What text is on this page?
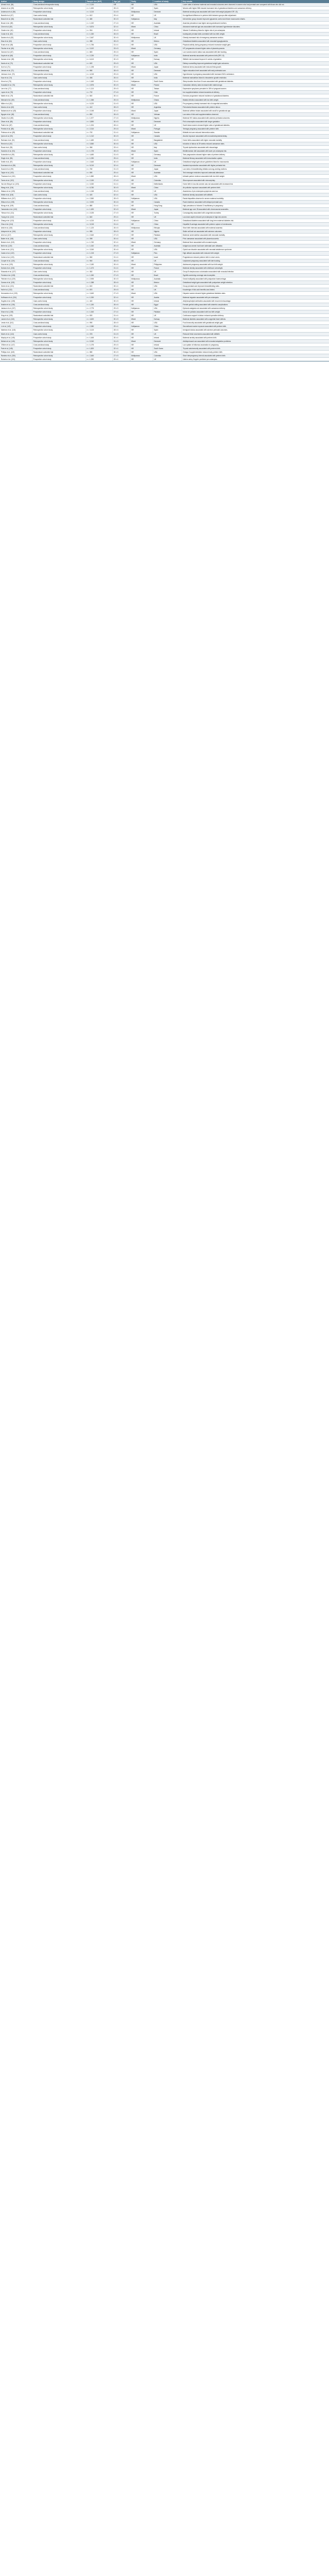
Author	Study design	Sample size (M:F)	Age (yr)	Parity	Location of study	Key results
Ahmed et al. (54)	Cross-sectional retrospective study	n = 2,134	NR	NR	USA	Lower rates of adverse maternal and neonatal outcomes were observed in women who had prenatal care compared with those who did not.
Alvarez et al. (55)	Retrospective cohort study	n = 1,450	28 ± 6	NR	Spain	Women with higher BMI showed increased risk of gestational diabetes and caesarean delivery.
Anderson et al. (56)	Prospective cohort study	n = 3,210	31 ± 5	Multiparous	Denmark	Maternal smoking was associated with lower birth weight (adjusted OR 1.8).
Barrett et al. (57)	Case-control study	n = 612	29 ± 4	NR	UK	No significant difference in preterm birth between groups after adjustment.
Bianchi et al. (58)	Randomised controlled trial	n = 480	30 ± 5	Nulliparous	Italy	Intervention group showed improved glycaemic control and fewer macrosomic infants.
Brown et al. (59)	Cross-sectional study	n = 1,022	27 ± 6	NR	Australia	Anaemia prevalence was higher among adolescent mothers.
Chen et al. (60)	Retrospective cohort study	n = 5,874	32 ± 4	Mixed	China	Advanced maternal age was associated with increased hypertensive disorders.
Clarke et al. (61)	Prospective cohort study	n = 904	29 ± 5	NR	Ireland	Vitamin D deficiency linked to higher risk of pre-eclampsia.
Costa et al. (62)	Cross-sectional study	n = 1,330	26 ± 5	NR	Brazil	Inadequate prenatal visits correlated with low birth weight.
Davies et al. (63)	Retrospective cohort study	n = 2,467	30 ± 6	Multiparous	UK	Obesity increased risk of emergency caesarean section.
Diaz et al. (64)	Case-control study	n = 388	28 ± 5	NR	Mexico	Gestational diabetes associated with neonatal hypoglycaemia.
Evans et al. (65)	Prospective cohort study	n = 1,756	31 ± 4	NR	USA	Physical activity during pregnancy reduced excessive weight gain.
Fischer et al. (66)	Retrospective cohort study	n = 3,102	33 ± 5	Mixed	Germany	IVF pregnancies showed higher rates of placenta praevia.
Garcia et al. (67)	Cross-sectional study	n = 845	25 ± 6	NR	Spain	Low socioeconomic status was associated with late booking.
Gupta et al. (68)	Prospective cohort study	n = 2,230	27 ± 4	Nulliparous	India	Maternal anaemia associated with preterm birth (RR 1.5).
Hansen et al. (69)	Retrospective cohort study	n = 6,410	30 ± 5	NR	Norway	Stillbirth risk increased beyond 41 weeks of gestation.
Harris et al. (70)	Randomised controlled trial	n = 620	29 ± 5	NR	USA	Dietary counselling improved gestational weight gain outcomes.
Ito et al. (71)	Prospective cohort study	n = 1,198	32 ± 4	Mixed	Japan	Maternal stress associated with reduced fetal growth.
Jensen et al. (72)	Cross-sectional study	n = 980	28 ± 5	NR	Denmark	Higher education level associated with early antenatal care.
Johnson et al. (73)	Retrospective cohort study	n = 4,015	29 ± 6	NR	USA	Hypertension in pregnancy associated with increased NICU admission.
Kaur et al. (74)	Case-control study	n = 456	26 ± 4	NR	India	Maternal malnutrition linked to intrauterine growth restriction.
Kim et al. (75)	Prospective cohort study	n = 1,640	31 ± 4	Nulliparous	South Korea	Sleep duration less than 6 hours associated with gestational diabetes.
Kowalski et al. (76)	Retrospective cohort study	n = 2,876	30 ± 5	Mixed	Poland	Caesarean delivery rates increased with maternal age.
Lee et al. (77)	Cross-sectional study	n = 1,110	29 ± 5	NR	Taiwan	Depressive symptoms prevalent in 18% of pregnant women.
Lopez et al. (78)	Prospective cohort study	n = 732	27 ± 6	NR	Chile	Iron supplementation reduced anaemia at delivery.
Martin et al. (79)	Randomised controlled trial	n = 540	30 ± 4	NR	France	Exercise programme reduced incidence of gestational diabetes.
Mensah et al. (80)	Cross-sectional study	n = 1,366	25 ± 6	Multiparous	Ghana	Malaria infection associated with low birth weight.
Miller et al. (81)	Retrospective cohort study	n = 5,220	31 ± 5	NR	USA	Pre-pregnancy obesity increased risk of congenital anomalies.
Moreno et al. (82)	Case-control study	n = 412	28 ± 5	NR	Argentina	Periodontal disease associated with preterm labour.
Nakamura et al. (83)	Prospective cohort study	n = 2,045	32 ± 4	Mixed	Japan	Maternal caffeine intake associated with small for gestational age.
Nguyen et al. (84)	Cross-sectional study	n = 890	26 ± 5	NR	Vietnam	Low rates of folic acid supplementation observed.
Okafor et al. (85)	Retrospective cohort study	n = 1,577	27 ± 6	Multiparous	Nigeria	Maternal HIV status associated with adverse perinatal outcomes.
Olsen et al. (86)	Prospective cohort study	n = 3,890	30 ± 5	NR	Denmark	Fish consumption associated with longer gestation.
Patel et al. (87)	Cross-sectional study	n = 1,204	28 ± 4	NR	UK	South Asian women showed higher rates of gestational diabetes.
Pereira et al. (88)	Retrospective cohort study	n = 2,310	29 ± 6	Mixed	Portugal	Teenage pregnancy associated with preterm birth.
Peterson et al. (89)	Randomised controlled trial	n = 700	31 ± 4	Nulliparous	Sweden	Midwife-led care reduced intervention rates.
Quinn et al. (90)	Prospective cohort study	n = 1,012	30 ± 5	NR	Canada	Alcohol exposure associated with neurodevelopmental delay.
Rahman et al. (91)	Cross-sectional study	n = 1,480	24 ± 5	NR	Bangladesh	Home births associated with higher neonatal mortality.
Reed et al. (92)	Retrospective cohort study	n = 3,560	30 ± 6	NR	USA	Induction of labour at 39 weeks reduced caesarean rates.
Rossi et al. (93)	Case-control study	n = 366	33 ± 4	NR	Italy	Thyroid dysfunction associated with miscarriage.
Sanchez et al. (94)	Prospective cohort study	n = 1,725	28 ± 5	Mixed	Spain	Mediterranean diet associated with lower pre-eclampsia risk.
Schmidt et al. (95)	Retrospective cohort study	n = 4,480	31 ± 5	NR	Germany	Twin pregnancies showed higher rates of preterm delivery.
Singh et al. (96)	Cross-sectional study	n = 1,090	25 ± 4	NR	India	Maternal literacy associated with immunisation uptake.
Smith et al. (97)	Prospective cohort study	n = 2,640	30 ± 5	Nulliparous	UK	Gestational weight gain above guidelines linked to macrosomia.
Sorensen et al. (98)	Retrospective cohort study	n = 5,010	32 ± 4	NR	Denmark	Assisted reproduction associated with higher perinatal risk.
Suzuki et al. (99)	Cross-sectional study	n = 760	31 ± 5	NR	Japan	Low rates of breastfeeding initiation among working mothers.
Taylor et al. (100)	Randomised controlled trial	n = 590	29 ± 4	NR	Australia	Text message reminders improved antenatal attendance.
Thomas et al. (101)	Prospective cohort study	n = 1,880	28 ± 6	Mixed	USA	Intimate partner violence associated with low birth weight.
Torres et al. (102)	Retrospective cohort study	n = 2,150	27 ± 5	NR	Colombia	Zika exposure associated with microcephaly.
Van der Berg et al. (103)	Prospective cohort study	n = 3,330	31 ± 4	NR	Netherlands	Home birth in low-risk women was not associated with increased risk.
Wang et al. (104)	Retrospective cohort study	n = 6,780	30 ± 5	Mixed	China	Air pollution exposure associated with preterm birth.
Watson et al. (105)	Cross-sectional study	n = 1,045	29 ± 5	NR	UK	Awareness of pre-eclampsia symptoms was low.
White et al. (106)	Case-control study	n = 420	32 ± 4	NR	USA	Maternal obesity associated with stillbirth.
Williams et al. (107)	Prospective cohort study	n = 2,560	28 ± 5	Nulliparous	USA	Racial disparities observed in severe maternal morbidity.
Wilson et al. (108)	Retrospective cohort study	n = 3,920	30 ± 6	NR	Canada	Rural residence associated with delayed prenatal care.
Wong et al. (109)	Cross-sectional study	n = 880	31 ± 4	NR	Hong Kong	High prevalence of vitamin D insufficiency in pregnancy.
Yamamoto et al. (110)	Prospective cohort study	n = 1,490	32 ± 5	Mixed	Japan	Maternal age over 35 associated with chromosomal anomalies.
Yilmaz et al. (111)	Retrospective cohort study	n = 2,025	27 ± 5	NR	Turkey	Consanguinity associated with congenital anomalies.
Young et al. (112)	Randomised controlled trial	n = 640	29 ± 4	NR	UK	Low-dose aspirin reduced pre-eclampsia in high-risk women.
Zhang et al. (113)	Prospective cohort study	n = 4,210	30 ± 5	Nulliparous	China	Gestational diabetes associated with long-term maternal diabetes risk.
Zhou et al. (114)	Retrospective cohort study	n = 3,015	31 ± 4	NR	China	Hepatitis B carriage associated with preterm rupture of membranes.
Abdi et al. (115)	Cross-sectional study	n = 1,120	26 ± 6	Multiparous	Ethiopia	Short birth intervals associated with maternal anaemia.
Adeyemi et al. (116)	Prospective cohort study	n = 985	28 ± 5	NR	Nigeria	Sickle cell trait not associated with adverse outcomes.
Ali et al. (117)	Retrospective cohort study	n = 2,640	27 ± 5	NR	Pakistan	Maternal undernutrition associated with neonatal mortality.
Baker et al. (118)	Case-control study	n = 398	30 ± 4	NR	USA	Prior caesarean associated with placenta accreta.
Becker et al. (119)	Prospective cohort study	n = 1,760	32 ± 4	Mixed	Germany	Maternal fever associated with neonatal sepsis.
Bell et al. (120)	Cross-sectional study	n = 1,002	29 ± 5	NR	Australia	Indigenous women had lower antenatal care utilisation.
Carter et al. (121)	Retrospective cohort study	n = 3,340	30 ± 6	NR	USA	Opioid use disorder associated with neonatal abstinence syndrome.
Castro et al. (122)	Prospective cohort study	n = 1,215	27 ± 5	Nulliparous	Peru	High altitude associated with reduced birth weight.
Cohen et al. (123)	Randomised controlled trial	n = 560	31 ± 4	NR	Israel	Progesterone reduced preterm birth in short cervix.
Cooper et al. (124)	Cross-sectional study	n = 940	28 ± 5	NR	UK	Unplanned pregnancy associated with late booking.
Cruz et al. (125)	Retrospective cohort study	n = 2,180	26 ± 6	Mixed	Philippines	Adolescent pregnancy associated with low birth weight.
Dubois et al. (126)	Prospective cohort study	n = 1,470	31 ± 4	NR	France	Maternal obesity associated with childhood overweight.
Edwards et al. (127)	Case-control study	n = 352	29 ± 5	NR	UK	Group B streptococcus colonisation associated with neonatal infection.
Ferreira et al. (128)	Cross-sectional study	n = 1,260	27 ± 5	NR	Brazil	Syphilis screening coverage was incomplete.
Fletcher et al. (129)	Retrospective cohort study	n = 2,905	30 ± 5	Multiparous	Australia	Grand multiparity associated with postpartum haemorrhage.
Gomez et al. (130)	Prospective cohort study	n = 1,388	28 ± 6	NR	Mexico	Gestational weight gain associated with postpartum weight retention.
Green et al. (131)	Randomised controlled trial	n = 610	30 ± 4	NR	USA	Group prenatal care improved breastfeeding rates.
Hall et al. (132)	Cross-sectional study	n = 870	29 ± 5	NR	UK	Knowledge of folic acid benefits was limited.
Hernandez et al. (133)	Retrospective cohort study	n = 3,460	27 ± 5	Mixed	USA	Hispanic women showed higher gestational diabetes rates.
Hoffmann et al. (134)	Prospective cohort study	n = 1,930	32 ± 4	NR	Austria	Maternal migraine associated with pre-eclampsia.
Hughes et al. (135)	Case-control study	n = 440	30 ± 5	NR	Ireland	Antiphospholipid antibodies associated with recurrent miscarriage.
Ibrahim et al. (136)	Cross-sectional study	n = 1,150	26 ± 6	NR	Egypt	Female genital cutting associated with obstetric complications.
Jackson et al. (137)	Retrospective cohort study	n = 2,775	29 ± 5	Nulliparous	USA	Epidural analgesia not associated with caesarean delivery.
Khan et al. (138)	Prospective cohort study	n = 1,540	27 ± 4	NR	Pakistan	Indoor air pollution associated with low birth weight.
King et al. (139)	Randomised controlled trial	n = 520	31 ± 4	NR	UK	Continuous support in labour reduced operative delivery.
Larsen et al. (140)	Retrospective cohort study	n = 4,620	30 ± 5	Mixed	Norway	Maternal diabetes associated with congenital heart defects.
Lewis et al. (141)	Cross-sectional study	n = 990	28 ± 5	NR	USA	Food insecurity associated with gestational weight gain.
Li et al. (142)	Prospective cohort study	n = 2,380	29 ± 4	Nulliparous	China	Secondhand smoke exposure associated with preterm birth.
Martinez et al. (143)	Retrospective cohort study	n = 3,115	28 ± 6	NR	Spain	Immigrant status associated with adverse perinatal outcomes.
Morris et al. (144)	Case-control study	n = 376	31 ± 5	NR	UK	Reduced fetal movements associated with stillbirth.
Murphy et al. (145)	Prospective cohort study	n = 1,645	30 ± 4	NR	Ireland	Maternal anxiety associated with preterm birth.
Nielsen et al. (146)	Retrospective cohort study	n = 5,340	31 ± 5	Mixed	Denmark	Antidepressant use associated with neonatal adaptation problems.
O'Brien et al. (147)	Cross-sectional study	n = 1,075	29 ± 5	NR	Ireland	Low uptake of influenza vaccination in pregnancy.
Park et al. (148)	Prospective cohort study	n = 1,820	32 ± 4	NR	South Korea	Thyroid autoimmunity associated with preterm birth.
Phillips et al. (149)	Randomised controlled trial	n = 580	30 ± 5	NR	USA	Omega-3 supplementation reduced early preterm birth.
Ramirez et al. (150)	Retrospective cohort study	n = 2,460	27 ± 5	Multiparous	Colombia	Short interpregnancy interval associated with preterm birth.
Roberts et al. (151)	Prospective cohort study	n = 1,390	29 ± 4	NR	UK	Uterine artery Doppler predicted pre-eclampsia.
